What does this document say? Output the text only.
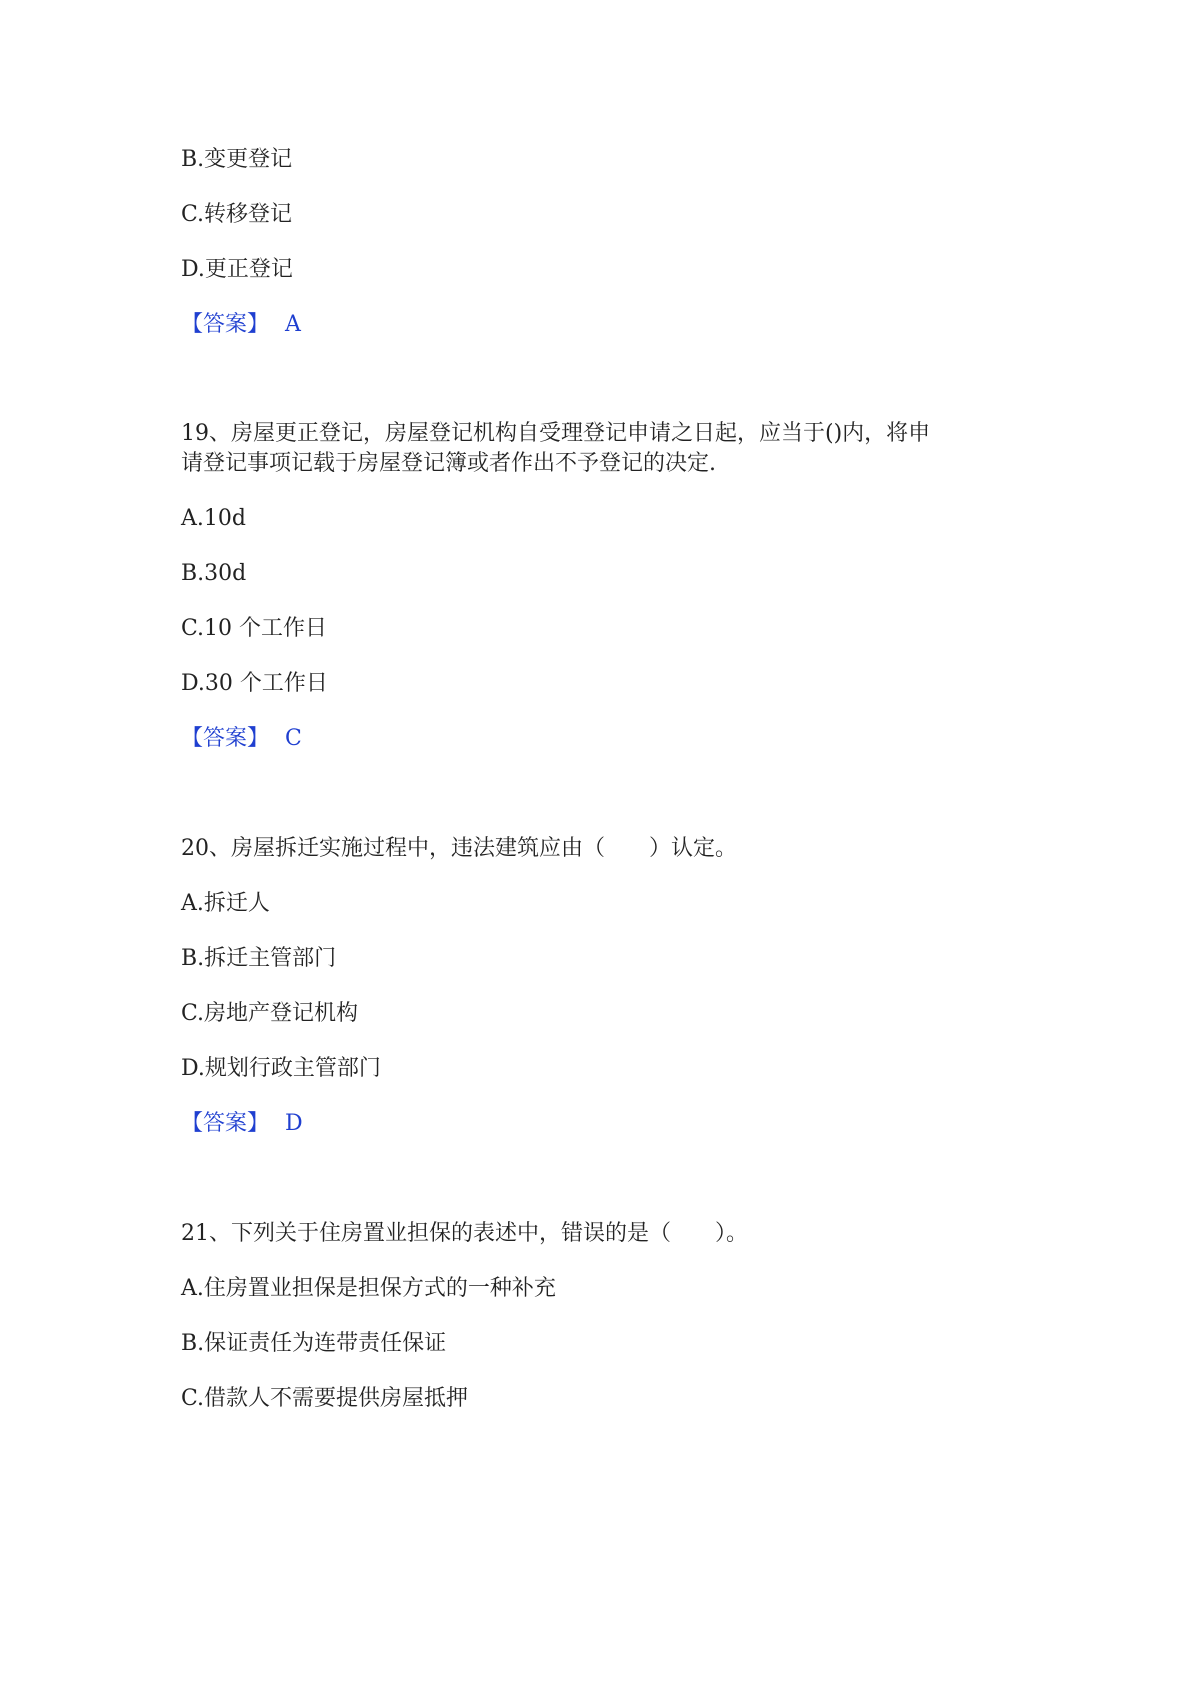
B.变更登记
C.转移登记
D.更正登记
【答案】 A
19、房屋更正登记，房屋登记机构自受理登记申请之日起，应当于()内，将申
请登记事项记载于房屋登记簿或者作出不予登记的决定.
A.10d
B.30d
C.10 个工作日
D.30 个工作日
【答案】 C
20、房屋拆迁实施过程中，违法建筑应由（　　）认定。
A.拆迁人
B.拆迁主管部门
C.房地产登记机构
D.规划行政主管部门
【答案】 D
21、下列关于住房置业担保的表述中，错误的是（　　）。
A.住房置业担保是担保方式的一种补充
B.保证责任为连带责任保证
C.借款人不需要提供房屋抵押
